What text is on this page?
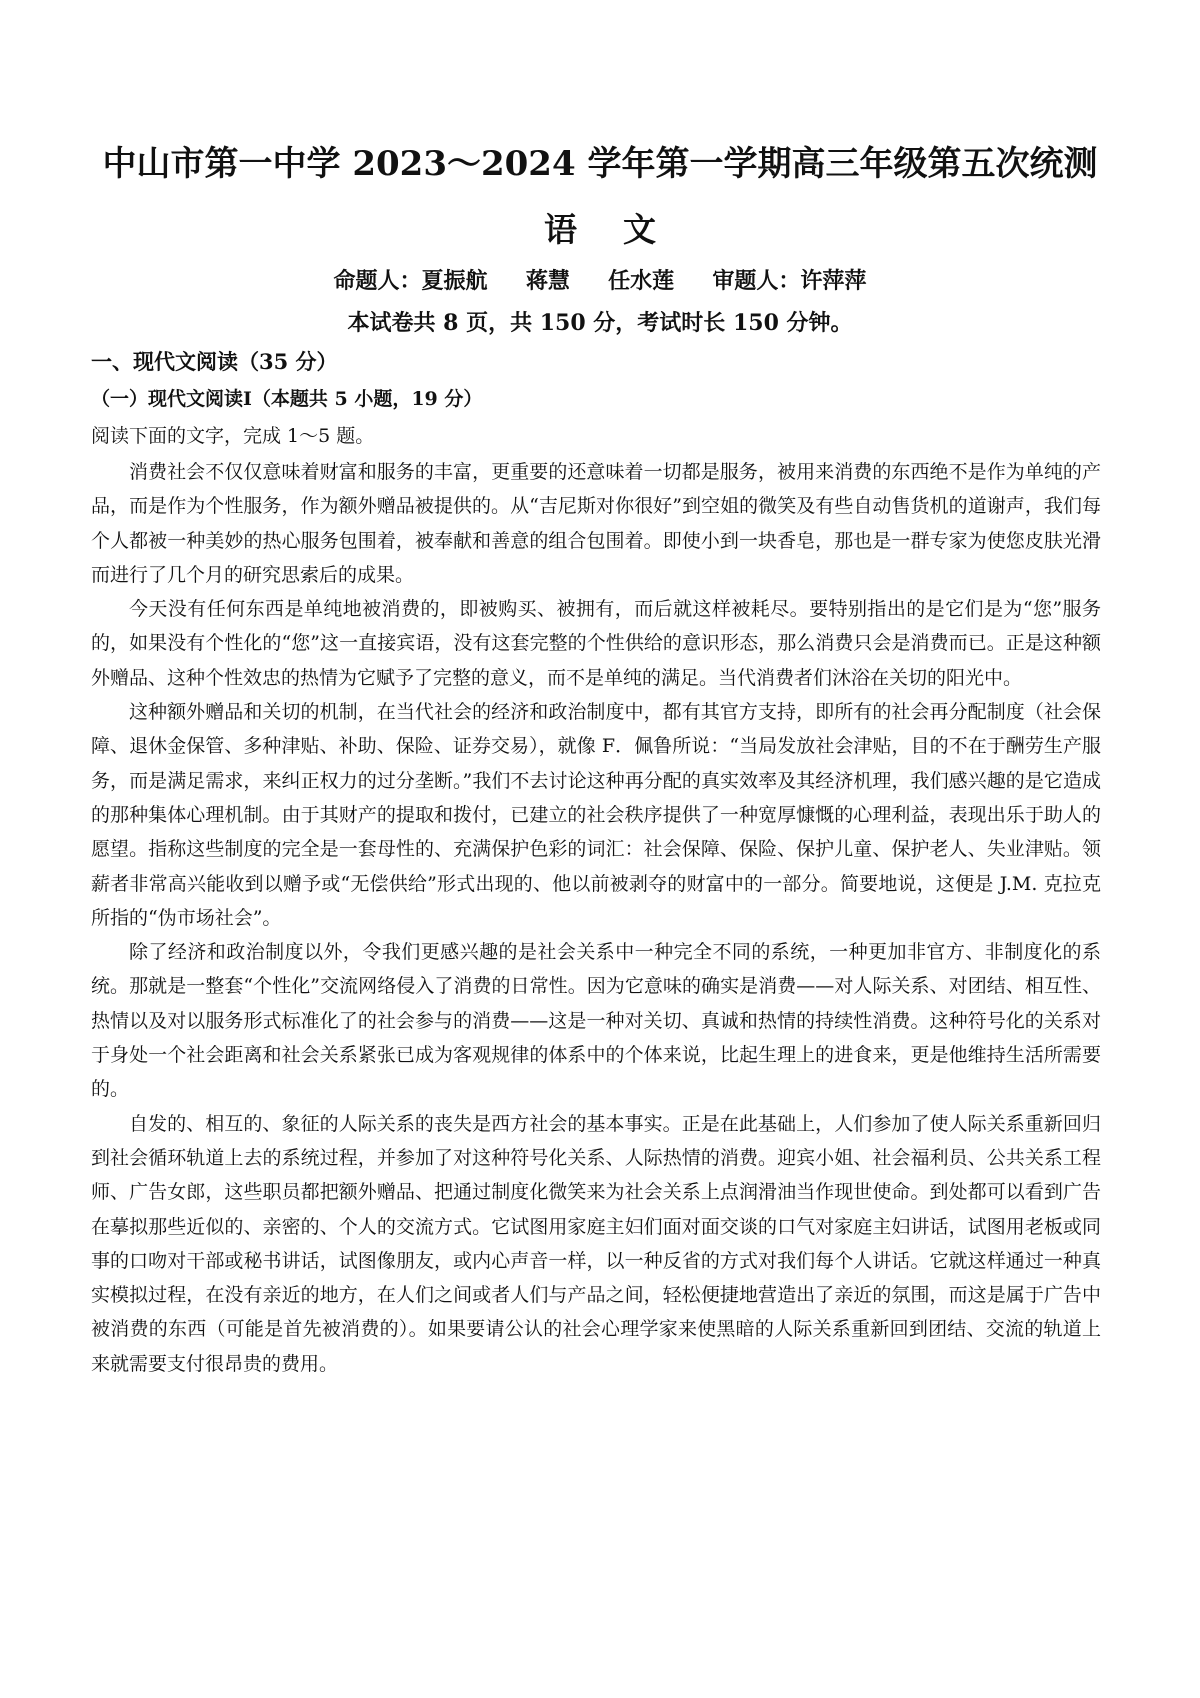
中山市第一中学 2023～2024 学年第一学期高三年级第五次统测
语    文
命题人：夏振航     蒋慧     任水莲     审题人：许萍萍
本试卷共 8 页，共 150 分，考试时长 150 分钟。
一、现代文阅读（35 分）
（一）现代文阅读Ⅰ（本题共 5 小题，19 分）
阅读下面的文字，完成 1～5 题。

消费社会不仅仅意味着财富和服务的丰富，更重要的还意味着一切都是服务，被用来消费的东西绝不是作为单纯的产品，而是作为个性服务，作为额外赠品被提供的。从“吉尼斯对你很好”到空姐的微笑及有些自动售货机的道谢声，我们每个人都被一种美妙的热心服务包围着，被奉献和善意的组合包围着。即使小到一块香皂，那也是一群专家为使您皮肤光滑而进行了几个月的研究思索后的成果。

今天没有任何东西是单纯地被消费的，即被购买、被拥有，而后就这样被耗尽。要特别指出的是它们是为“您”服务的，如果没有个性化的“您”这一直接宾语，没有这套完整的个性供给的意识形态，那么消费只会是消费而已。正是这种额外赠品、这种个性效忠的热情为它赋予了完整的意义，而不是单纯的满足。当代消费者们沐浴在关切的阳光中。

这种额外赠品和关切的机制，在当代社会的经济和政治制度中，都有其官方支持，即所有的社会再分配制度（社会保障、退休金保管、多种津贴、补助、保险、证券交易），就像 F．佩鲁所说：“当局发放社会津贴，目的不在于酬劳生产服务，而是满足需求，来纠正权力的过分垄断。”我们不去讨论这种再分配的真实效率及其经济机理，我们感兴趣的是它造成的那种集体心理机制。由于其财产的提取和拨付，已建立的社会秩序提供了一种宽厚慷慨的心理利益，表现出乐于助人的愿望。指称这些制度的完全是一套母性的、充满保护色彩的词汇：社会保障、保险、保护儿童、保护老人、失业津贴。领薪者非常高兴能收到以赠予或“无偿供给”形式出现的、他以前被剥夺的财富中的一部分。简要地说，这便是 J.M. 克拉克所指的“伪市场社会”。

除了经济和政治制度以外，令我们更感兴趣的是社会关系中一种完全不同的系统，一种更加非官方、非制度化的系统。那就是一整套“个性化”交流网络侵入了消费的日常性。因为它意味的确实是消费——对人际关系、对团结、相互性、热情以及对以服务形式标准化了的社会参与的消费——这是一种对关切、真诚和热情的持续性消费。这种符号化的关系对于身处一个社会距离和社会关系紧张已成为客观规律的体系中的个体来说，比起生理上的进食来，更是他维持生活所需要的。

自发的、相互的、象征的人际关系的丧失是西方社会的基本事实。正是在此基础上，人们参加了使人际关系重新回归到社会循环轨道上去的系统过程，并参加了对这种符号化关系、人际热情的消费。迎宾小姐、社会福利员、公共关系工程师、广告女郎，这些职员都把额外赠品、把通过制度化微笑来为社会关系上点润滑油当作现世使命。到处都可以看到广告在摹拟那些近似的、亲密的、个人的交流方式。它试图用家庭主妇们面对面交谈的口气对家庭主妇讲话，试图用老板或同事的口吻对干部或秘书讲话，试图像朋友，或内心声音一样，以一种反省的方式对我们每个人讲话。它就这样通过一种真实模拟过程，在没有亲近的地方，在人们之间或者人们与产品之间，轻松便捷地营造出了亲近的氛围，而这是属于广告中被消费的东西（可能是首先被消费的）。如果要请公认的社会心理学家来使黑暗的人际关系重新回到团结、交流的轨道上来就需要支付很昂贵的费用。
